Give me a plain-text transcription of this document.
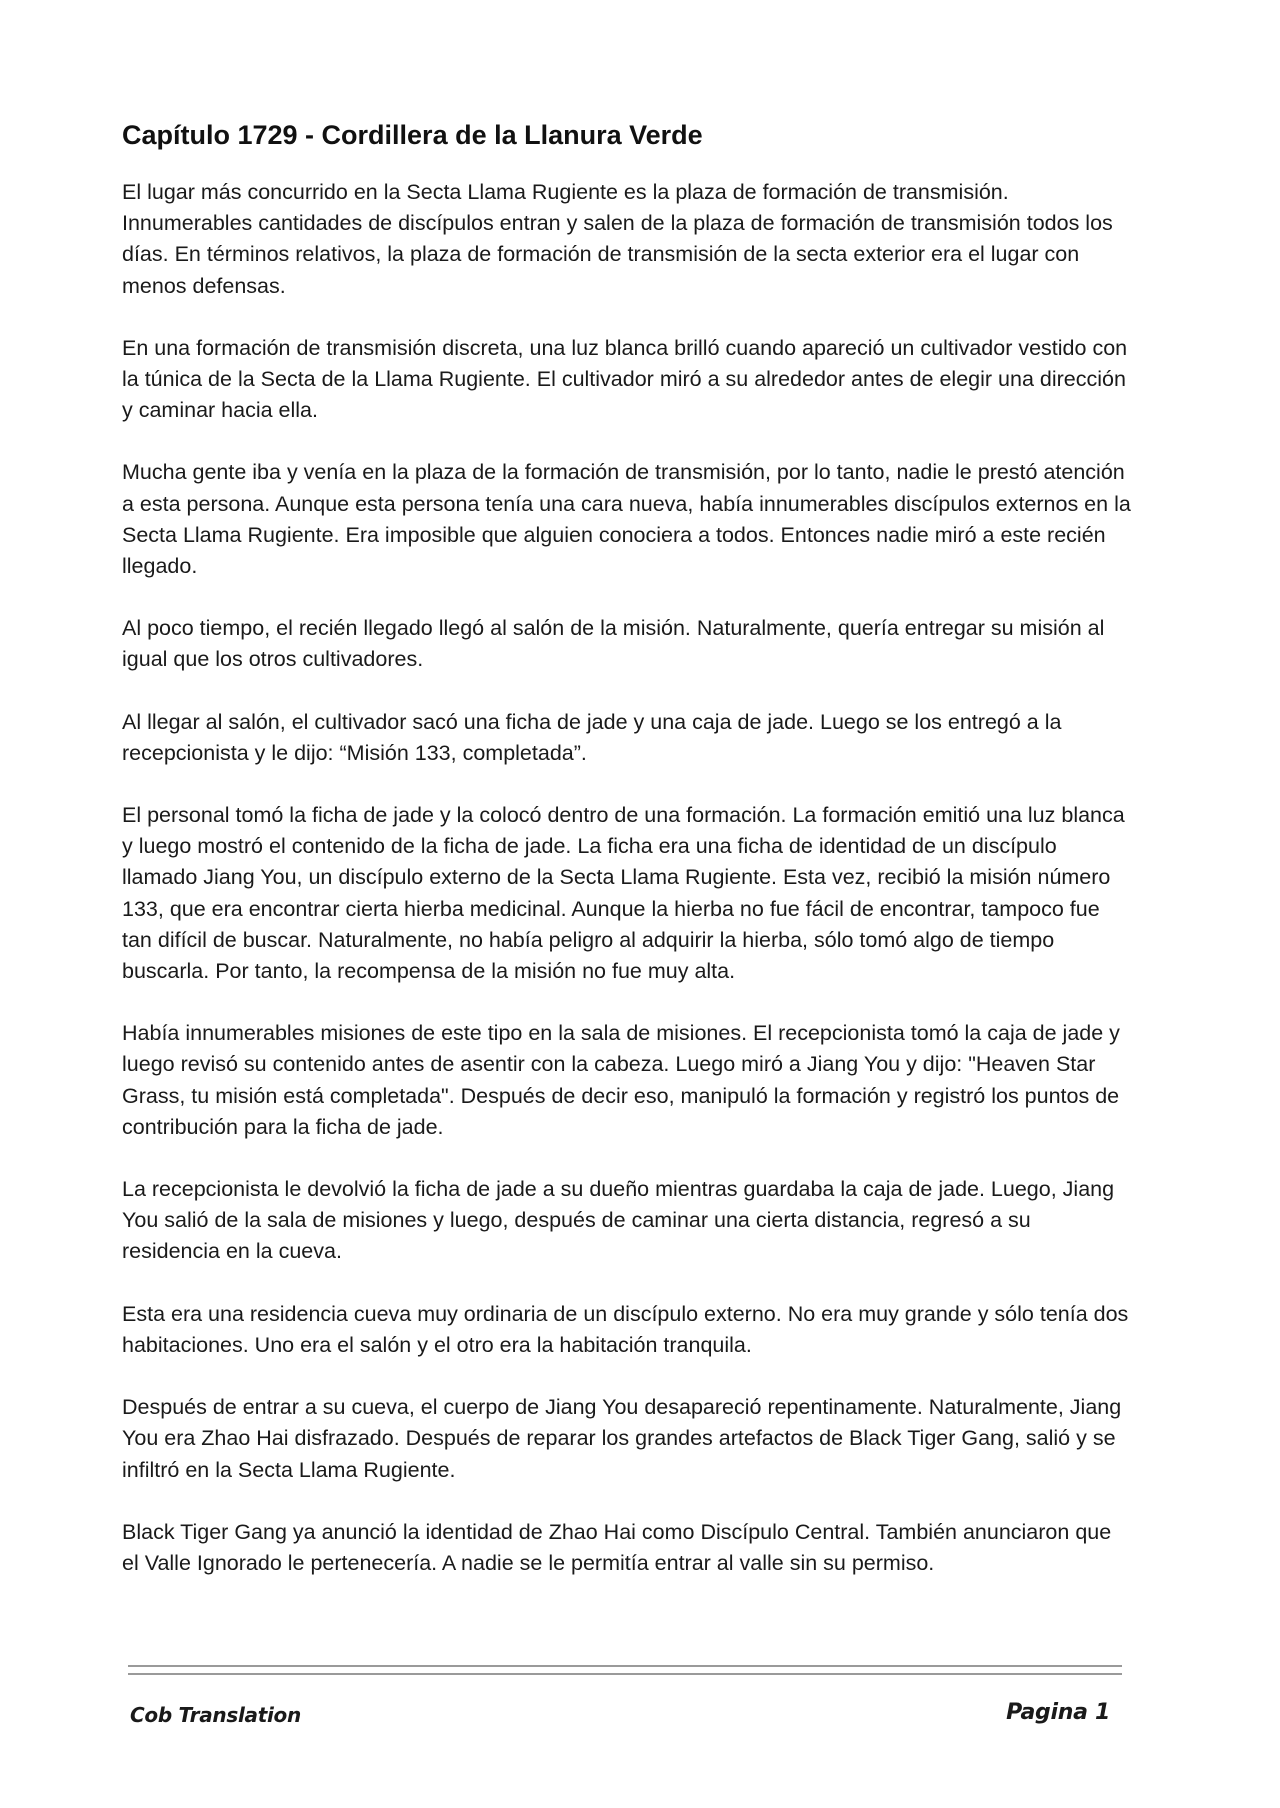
Capítulo 1729 - Cordillera de la Llanura Verde

El lugar más concurrido en la Secta Llama Rugiente es la plaza de formación de transmisión. Innumerables cantidades de discípulos entran y salen de la plaza de formación de transmisión todos los días. En términos relativos, la plaza de formación de transmisión de la secta exterior era el lugar con menos defensas.

En una formación de transmisión discreta, una luz blanca brilló cuando apareció un cultivador vestido con la túnica de la Secta de la Llama Rugiente. El cultivador miró a su alrededor antes de elegir una dirección y caminar hacia ella.

Mucha gente iba y venía en la plaza de la formación de transmisión, por lo tanto, nadie le prestó atención a esta persona. Aunque esta persona tenía una cara nueva, había innumerables discípulos externos en la Secta Llama Rugiente. Era imposible que alguien conociera a todos. Entonces nadie miró a este recién llegado.

Al poco tiempo, el recién llegado llegó al salón de la misión. Naturalmente, quería entregar su misión al igual que los otros cultivadores.

Al llegar al salón, el cultivador sacó una ficha de jade y una caja de jade. Luego se los entregó a la recepcionista y le dijo: “Misión 133, completada”.

El personal tomó la ficha de jade y la colocó dentro de una formación. La formación emitió una luz blanca y luego mostró el contenido de la ficha de jade. La ficha era una ficha de identidad de un discípulo llamado Jiang You, un discípulo externo de la Secta Llama Rugiente. Esta vez, recibió la misión número 133, que era encontrar cierta hierba medicinal. Aunque la hierba no fue fácil de encontrar, tampoco fue tan difícil de buscar. Naturalmente, no había peligro al adquirir la hierba, sólo tomó algo de tiempo buscarla. Por tanto, la recompensa de la misión no fue muy alta.

Había innumerables misiones de este tipo en la sala de misiones. El recepcionista tomó la caja de jade y luego revisó su contenido antes de asentir con la cabeza. Luego miró a Jiang You y dijo: "Heaven Star Grass, tu misión está completada". Después de decir eso, manipuló la formación y registró los puntos de contribución para la ficha de jade.

La recepcionista le devolvió la ficha de jade a su dueño mientras guardaba la caja de jade. Luego, Jiang You salió de la sala de misiones y luego, después de caminar una cierta distancia, regresó a su residencia en la cueva.

Esta era una residencia cueva muy ordinaria de un discípulo externo. No era muy grande y sólo tenía dos habitaciones. Uno era el salón y el otro era la habitación tranquila.

Después de entrar a su cueva, el cuerpo de Jiang You desapareció repentinamente. Naturalmente, Jiang You era Zhao Hai disfrazado. Después de reparar los grandes artefactos de Black Tiger Gang, salió y se infiltró en la Secta Llama Rugiente.

Black Tiger Gang ya anunció la identidad de Zhao Hai como Discípulo Central. También anunciaron que el Valle Ignorado le pertenecería. A nadie se le permitía entrar al valle sin su permiso.

Cob Translation	Pagina 1
